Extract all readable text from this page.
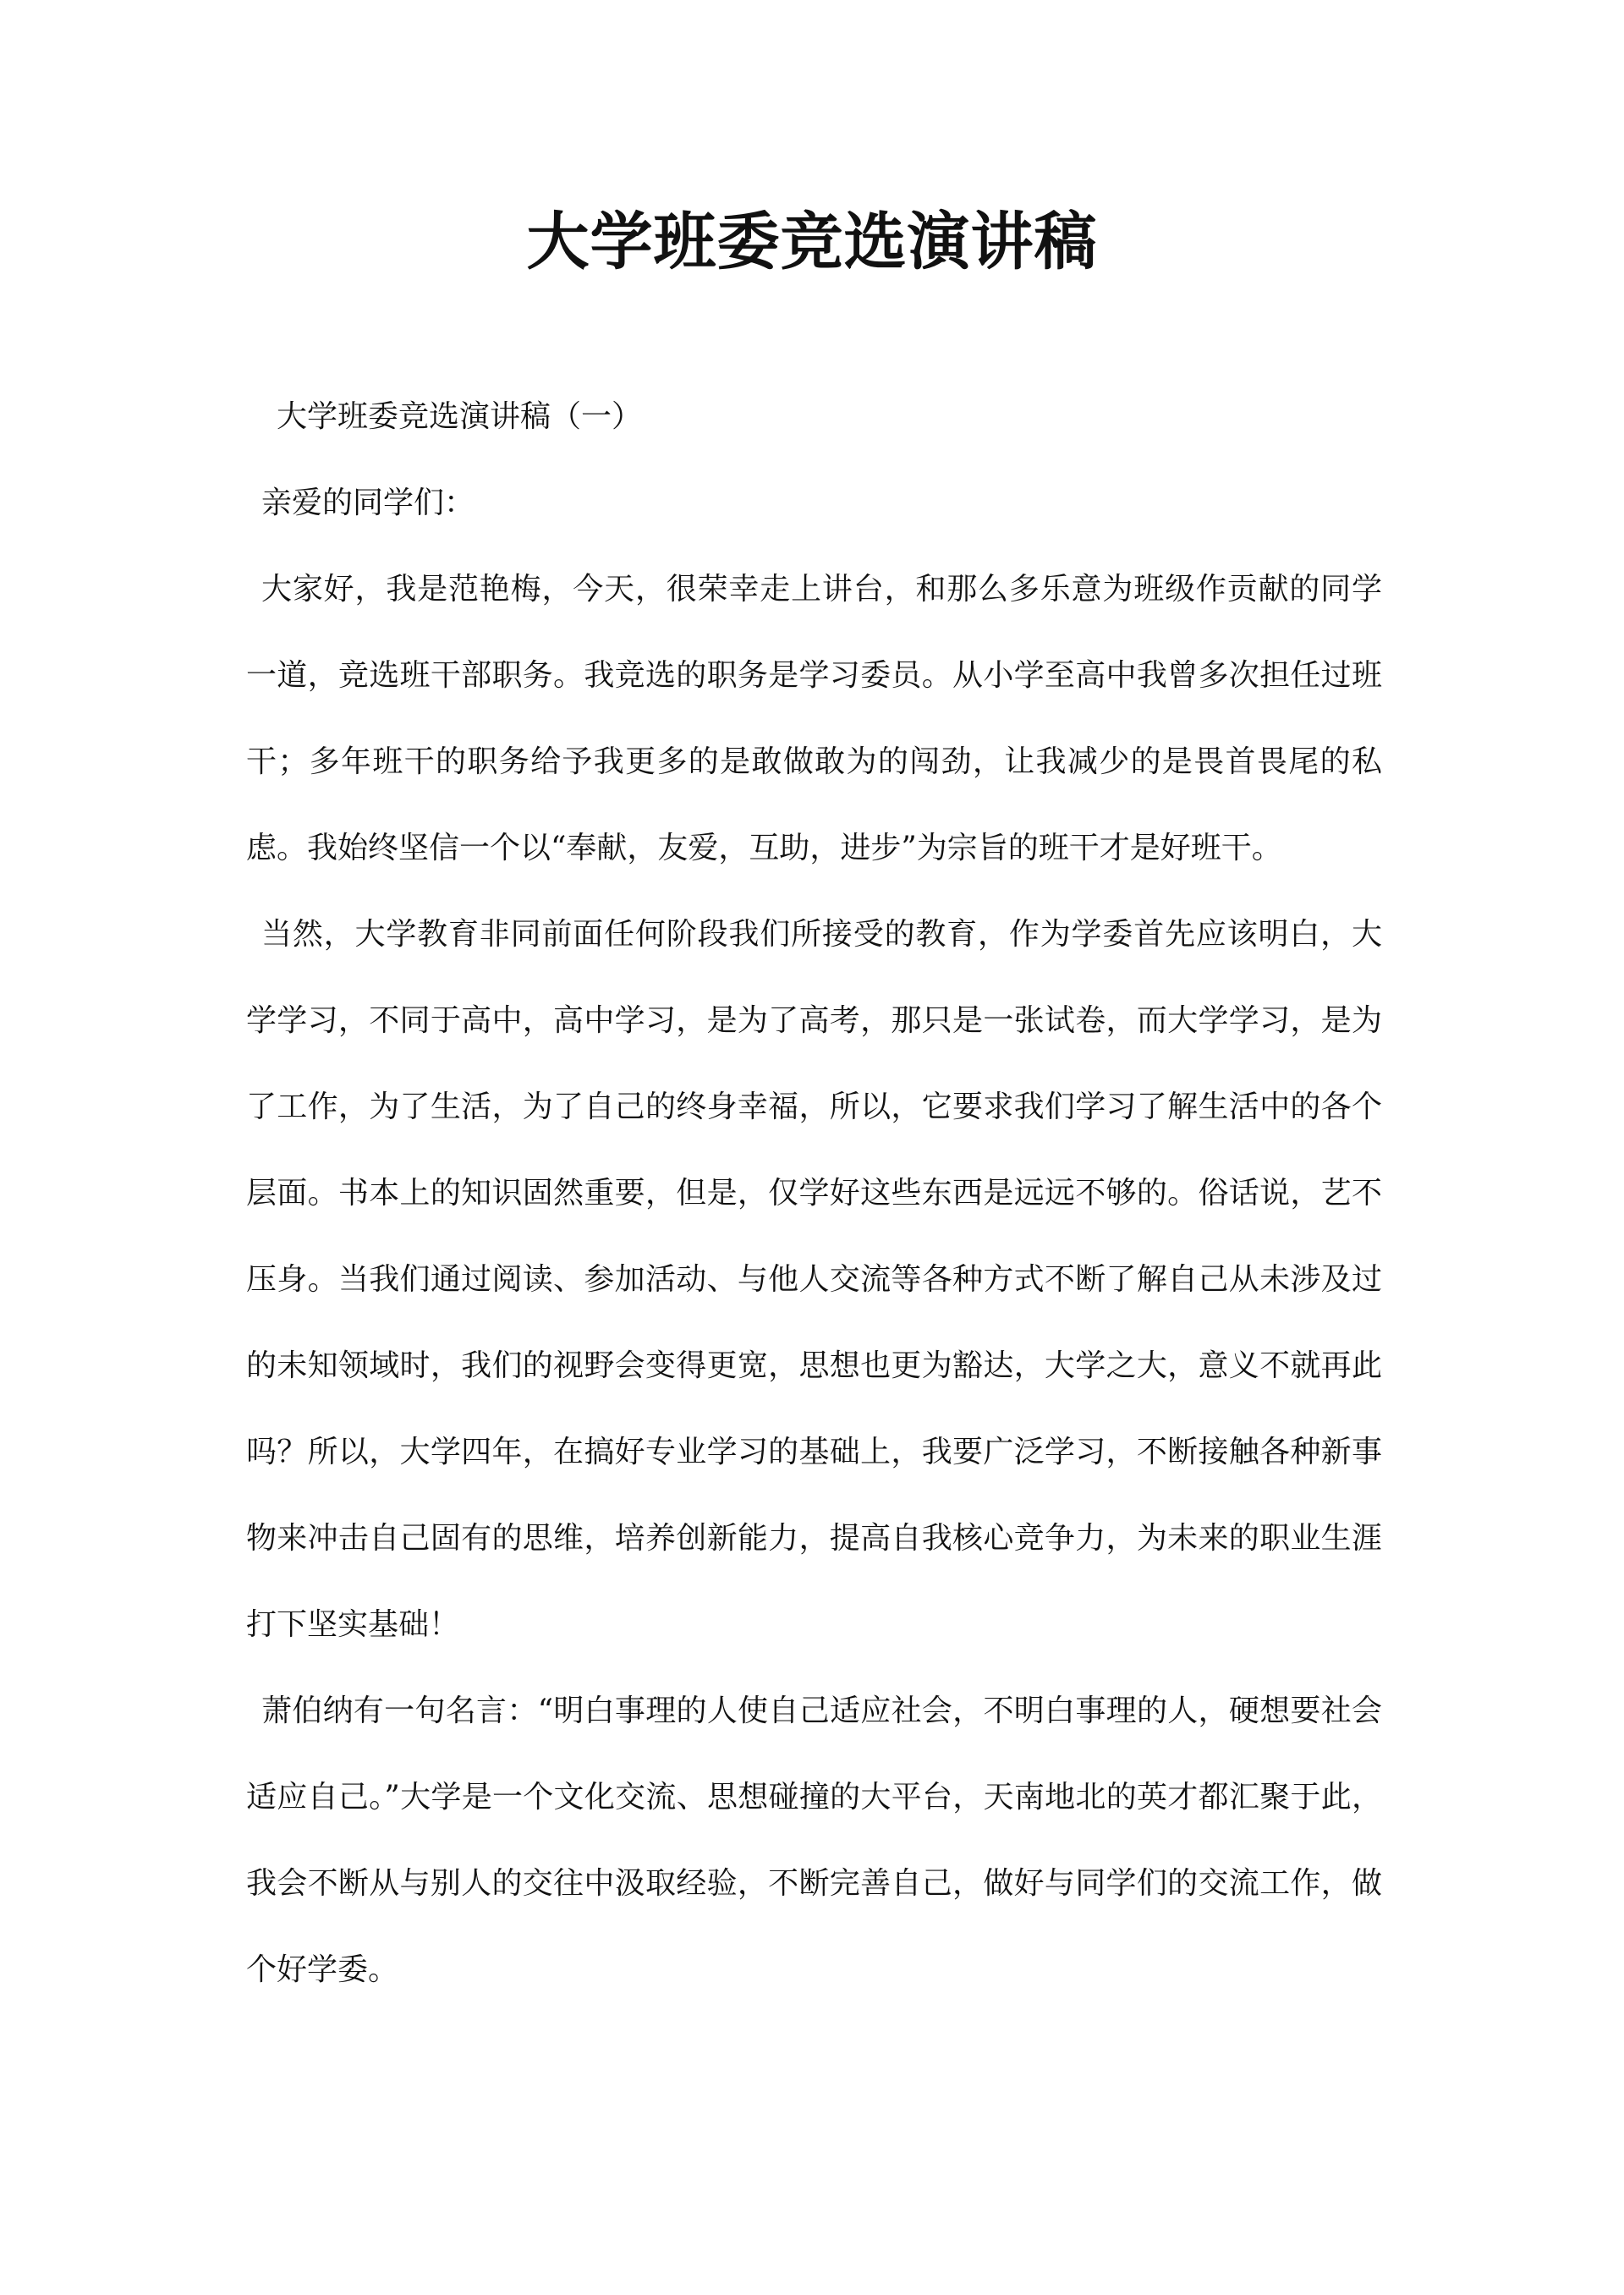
大学班委竞选演讲稿

大学班委竞选演讲稿（一）

亲爱的同学们：

大家好，我是范艳梅，今天，很荣幸走上讲台，和那么多乐意为班级作贡献的同学一道，竞选班干部职务。我竞选的职务是学习委员。从小学至高中我曾多次担任过班干；多年班干的职务给予我更多的是敢做敢为的闯劲，让我减少的是畏首畏尾的私虑。我始终坚信一个以“奉献，友爱，互助，进步”为宗旨的班干才是好班干。

当然，大学教育非同前面任何阶段我们所接受的教育，作为学委首先应该明白，大学学习，不同于高中，高中学习，是为了高考，那只是一张试卷，而大学学习，是为了工作，为了生活，为了自己的终身幸福，所以，它要求我们学习了解生活中的各个层面。书本上的知识固然重要，但是，仅学好这些东西是远远不够的。俗话说，艺不压身。当我们通过阅读、参加活动、与他人交流等各种方式不断了解自己从未涉及过的未知领域时，我们的视野会变得更宽，思想也更为豁达，大学之大，意义不就再此吗？所以，大学四年，在搞好专业学习的基础上，我要广泛学习，不断接触各种新事物来冲击自己固有的思维，培养创新能力，提高自我核心竞争力，为未来的职业生涯打下坚实基础！

萧伯纳有一句名言：“明白事理的人使自己适应社会，不明白事理的人，硬想要社会适应自己。”大学是一个文化交流、思想碰撞的大平台，天南地北的英才都汇聚于此，我会不断从与别人的交往中汲取经验，不断完善自己，做好与同学们的交流工作，做个好学委。
